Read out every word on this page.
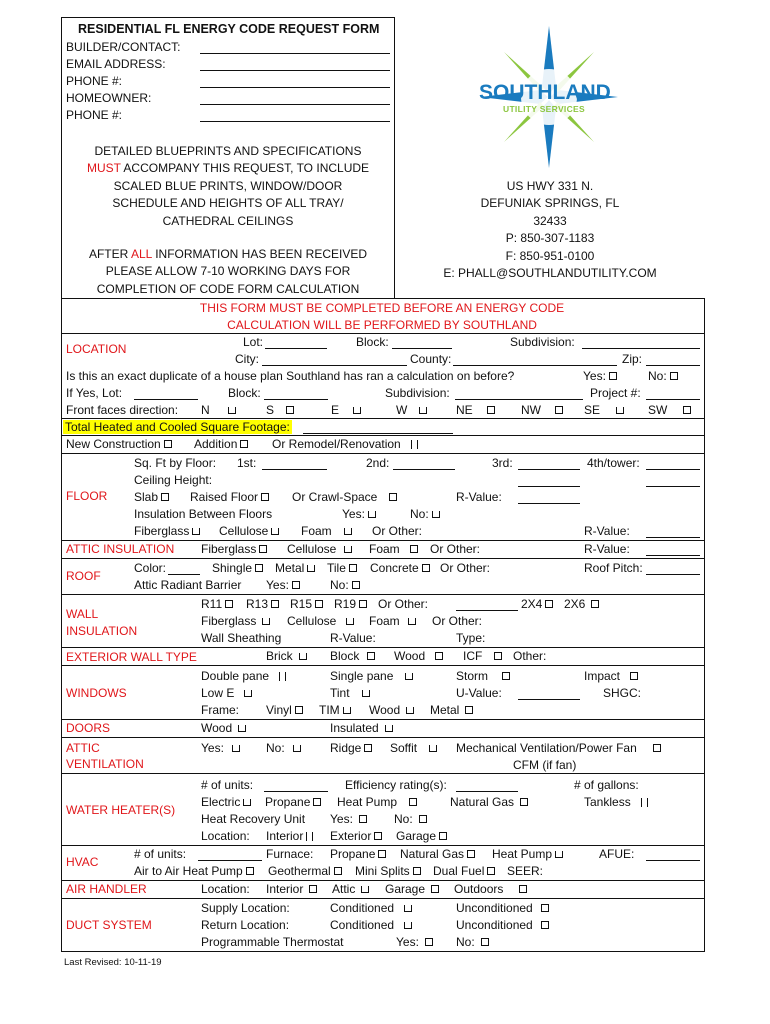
RESIDENTIAL FL ENERGY CODE REQUEST FORM
BUILDER/CONTACT:
EMAIL ADDRESS:
PHONE #:
HOMEOWNER:
PHONE #:
DETAILED BLUEPRINTS AND SPECIFICATIONS
MUST ACCOMPANY THIS REQUEST, TO INCLUDE
SCALED BLUE PRINTS, WINDOW/DOOR
SCHEDULE AND HEIGHTS OF ALL TRAY/
CATHEDRAL CEILINGS
AFTER ALL INFORMATION HAS BEEN RECEIVED
PLEASE ALLOW 7-10 WORKING DAYS FOR
COMPLETION OF CODE FORM CALCULATION
SOUTHLAND
UTILITY SERVICES
US HWY 331 N.
DEFUNIAK SPRINGS, FL
32433
P: 850-307-1183
F: 850-951-0100
E: PHALL@SOUTHLANDUTILITY.COM
THIS FORM MUST BE COMPLETED BEFORE AN ENERGY CODE
CALCULATION WILL BE PERFORMED BY SOUTHLAND
LOCATION	Lot:	Block:	Subdivision:
City:	County:	Zip:
Is this an exact duplicate of a house plan Southland has ran a calculation on before?	Yes:	No:
If Yes, Lot:	Block:	Subdivision:	Project #:
Front faces direction: N	S	E	W	NE	NW	SE	SW
Total Heated and Cooled Square Footage:
New Construction	Addition	Or Remodel/Renovation
FLOOR
Sq. Ft by Floor: 1st:	2nd:	3rd:	4th/tower:
Ceiling Height:
Slab	Raised Floor	Or Crawl-Space	R-Value:
Insulation Between Floors	Yes:	No:
Fiberglass	Cellulose	Foam	Or Other:	R-Value:
ATTIC INSULATION Fiberglass	Cellulose	Foam	Or Other:	R-Value:
ROOF
Color:	Shingle	Metal	Tile	Concrete	Or Other:	Roof Pitch:
Attic Radiant Barrier Yes:	No:
WALL
INSULATION
R11	R13	R15	R19	Or Other:	2X4	2X6
Fiberglass	Cellulose	Foam	Or Other:
Wall Sheathing	R-Value:	Type:
EXTERIOR WALL TYPE	Brick	Block	Wood	ICF	Other:
WINDOWS
Double pane	Single pane	Storm	Impact
Low E	Tint	U-Value:	SHGC:
Frame: Vinyl	TIM	Wood	Metal
DOORS	Wood	Insulated
ATTIC
VENTILATION
Yes:	No:	Ridge	Soffit	Mechanical Ventilation/Power Fan
CFM (if fan)
WATER HEATER(S)
# of units:	Efficiency rating(s):	# of gallons:
Electric	Propane	Heat Pump	Natural Gas	Tankless
Heat Recovery Unit Yes:	No:
Location: Interior	Exterior	Garage
HVAC
# of units:	Furnace: Propane	Natural Gas	Heat Pump	AFUE:
Air to Air Heat Pump	Geothermal	Mini Splits	Dual Fuel	SEER:
AIR HANDLER	Location: Interior	Attic	Garage	Outdoors
DUCT SYSTEM
Supply Location:	Conditioned	Unconditioned
Return Location:	Conditioned	Unconditioned
Programmable Thermostat	Yes:	No:
Last Revised: 10-11-19
